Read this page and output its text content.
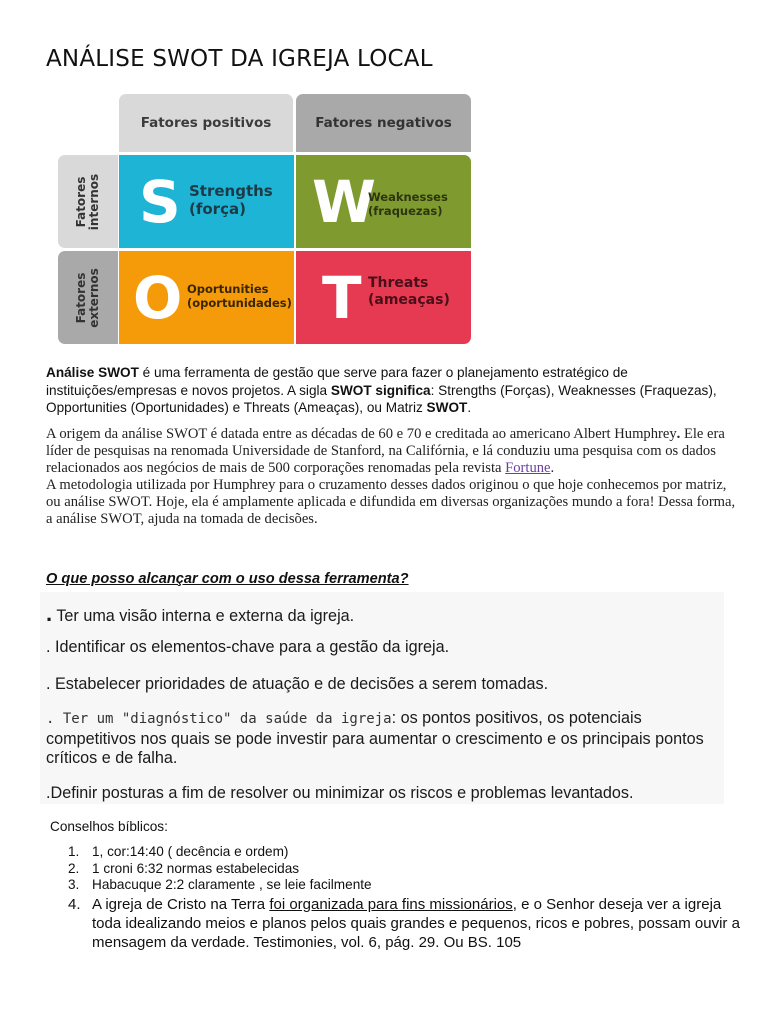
ANÁLISE SWOT DA IGREJA LOCAL
Fatores positivos	Fatores negativos
Fatores
internos
Fatores
externos
S Strengths
(força)	W
Weaknesses
(fraquezas)
O Oportunities
(oportunidades) T Threats
(ameaças)

Análise SWOT é uma ferramenta de gestão que serve para fazer o planejamento estratégico de instituições/empresas e novos projetos. A sigla SWOT significa: Strengths (Forças), Weaknesses (Fraquezas), Opportunities (Oportunidades) e Threats (Ameaças), ou Matriz SWOT.

A origem da análise SWOT é datada entre as décadas de 60 e 70 e creditada ao americano Albert Humphrey. Ele era líder de pesquisas na renomada Universidade de Stanford, na Califórnia, e lá conduziu uma pesquisa com os dados relacionados aos negócios de mais de 500 corporações renomadas pela revista Fortune.
A metodologia utilizada por Humphrey para o cruzamento desses dados originou o que hoje conhecemos por matriz, ou análise SWOT. Hoje, ela é amplamente aplicada e difundida em diversas organizações mundo a fora! Dessa forma, a análise SWOT, ajuda na tomada de decisões.

O que posso alcançar com o uso dessa ferramenta?

. Ter uma visão interna e externa da igreja.
. Identificar os elementos-chave para a gestão da igreja.
. Estabelecer prioridades de atuação e de decisões a serem tomadas.
. Ter um "diagnóstico" da saúde da igreja: os pontos positivos, os potenciais competitivos nos quais se pode investir para aumentar o crescimento e os principais pontos críticos e de falha.
.Definir posturas a fim de resolver ou minimizar os riscos e problemas levantados.

Conselhos bíblicos:

1. 1, cor:14:40 ( decência e ordem)
2. 1 croni 6:32 normas estabelecidas
3. Habacuque 2:2 claramente , se leie facilmente
4. A igreja de Cristo na Terra foi organizada para fins missionários, e o Senhor deseja ver a igreja toda idealizando meios e planos pelos quais grandes e pequenos, ricos e pobres, possam ouvir a mensagem da verdade. Testimonies, vol. 6, pág. 29. Ou BS. 105
